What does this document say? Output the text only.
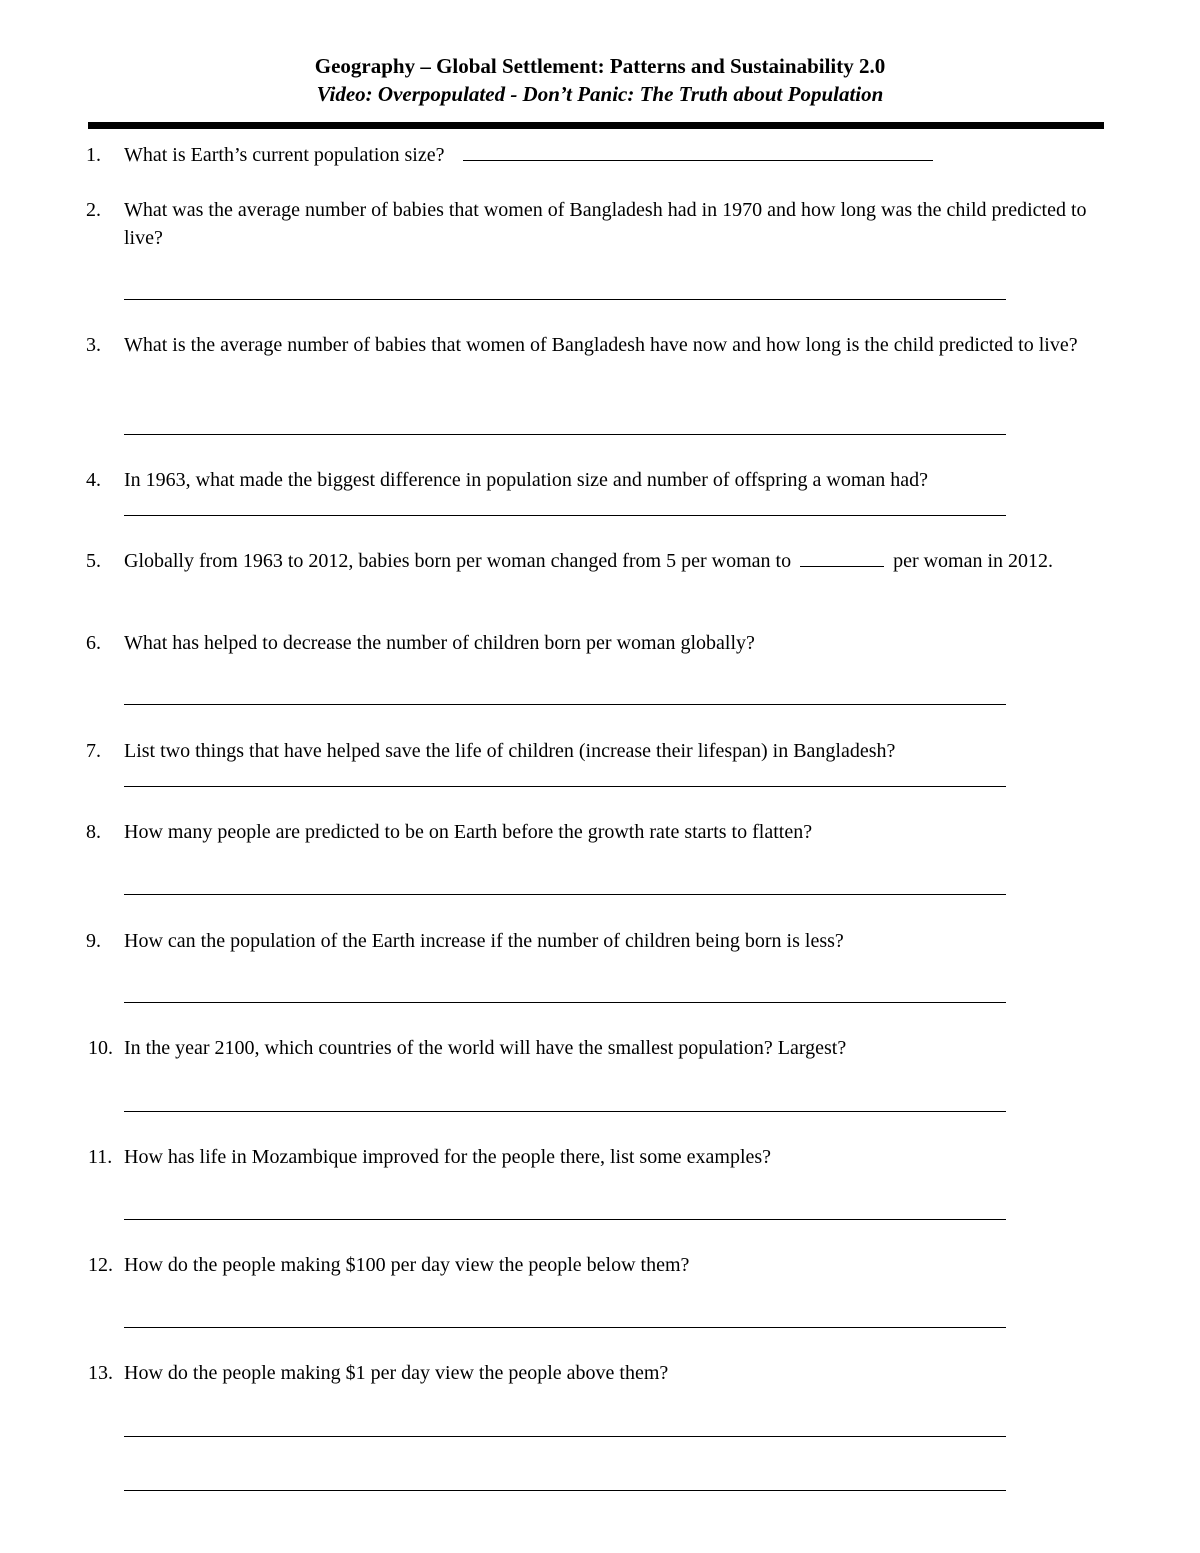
Geography – Global Settlement: Patterns and Sustainability 2.0
Video: Overpopulated - Don’t Panic: The Truth about Population
1.	What is Earth’s current population size?
2.	What was the average number of babies that women of Bangladesh had in 1970 and how long was the child predicted to live?
3.	What is the average number of babies that women of Bangladesh have now and how long is the child predicted to live?
4.	In 1963, what made the biggest difference in population size and number of offspring a woman had?
5.	Globally from 1963 to 2012, babies born per woman changed from 5 per woman to	per woman in 2012.
6.	What has helped to decrease the number of children born per woman globally?
7.	List two things that have helped save the life of children (increase their lifespan) in Bangladesh?
8.	How many people are predicted to be on Earth before the growth rate starts to flatten?
9.	How can the population of the Earth increase if the number of children being born is less?
10. In the year 2100, which countries of the world will have the smallest population? Largest?
11. How has life in Mozambique improved for the people there, list some examples?
12. How do the people making $100 per day view the people below them?
13. How do the people making $1 per day view the people above them?
